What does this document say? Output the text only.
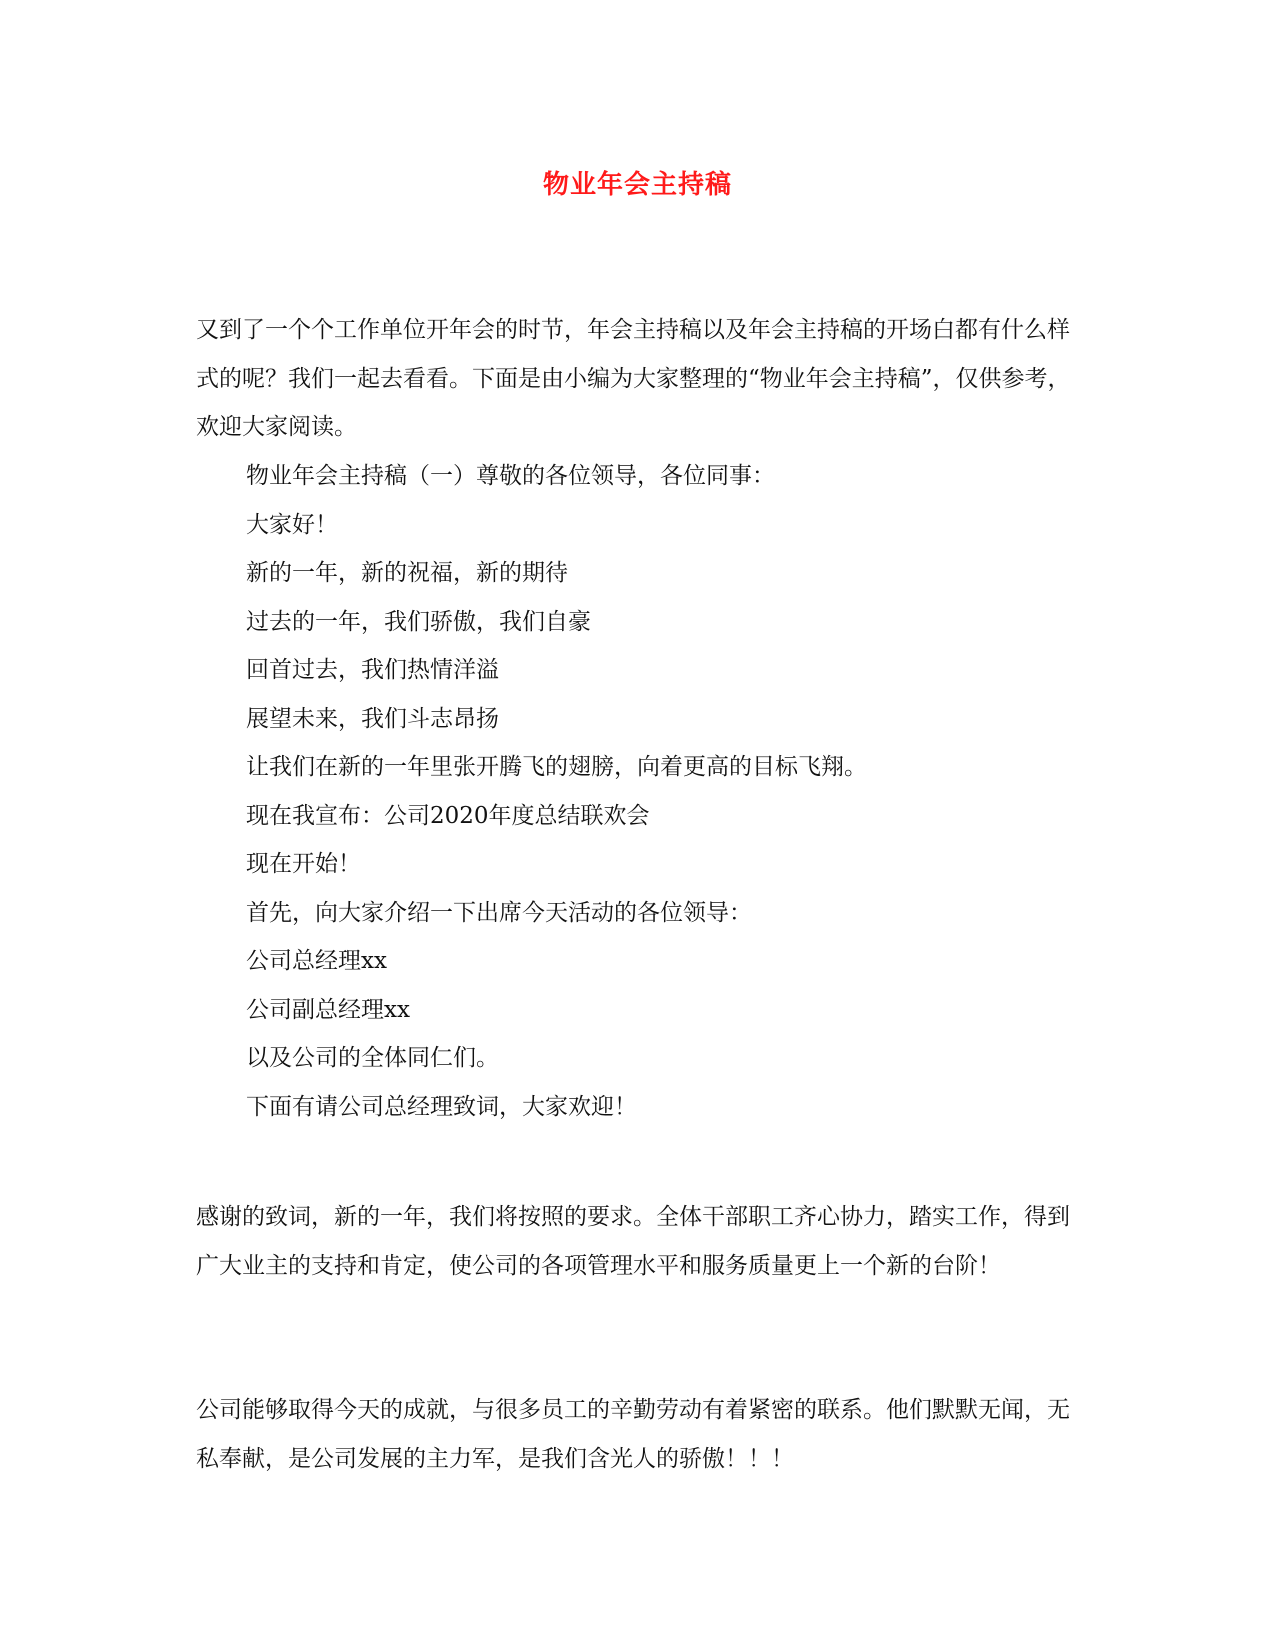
物业年会主持稿

又到了一个个工作单位开年会的时节，年会主持稿以及年会主持稿的开场白都有什么样式的呢？我们一起去看看。下面是由小编为大家整理的“物业年会主持稿”，仅供参考，欢迎大家阅读。

物业年会主持稿（一）尊敬的各位领导，各位同事：

大家好！

新的一年，新的祝福，新的期待

过去的一年，我们骄傲，我们自豪

回首过去，我们热情洋溢

展望未来，我们斗志昂扬

让我们在新的一年里张开腾飞的翅膀，向着更高的目标飞翔。

现在我宣布：公司2020年度总结联欢会

现在开始！

首先，向大家介绍一下出席今天活动的各位领导：

公司总经理xx

公司副总经理xx

以及公司的全体同仁们。

下面有请公司总经理致词，大家欢迎！

感谢的致词，新的一年，我们将按照的要求。全体干部职工齐心协力，踏实工作，得到广大业主的支持和肯定，使公司的各项管理水平和服务质量更上一个新的台阶！

公司能够取得今天的成就，与很多员工的辛勤劳动有着紧密的联系。他们默默无闻，无私奉献，是公司发展的主力军，是我们含光人的骄傲！！！
